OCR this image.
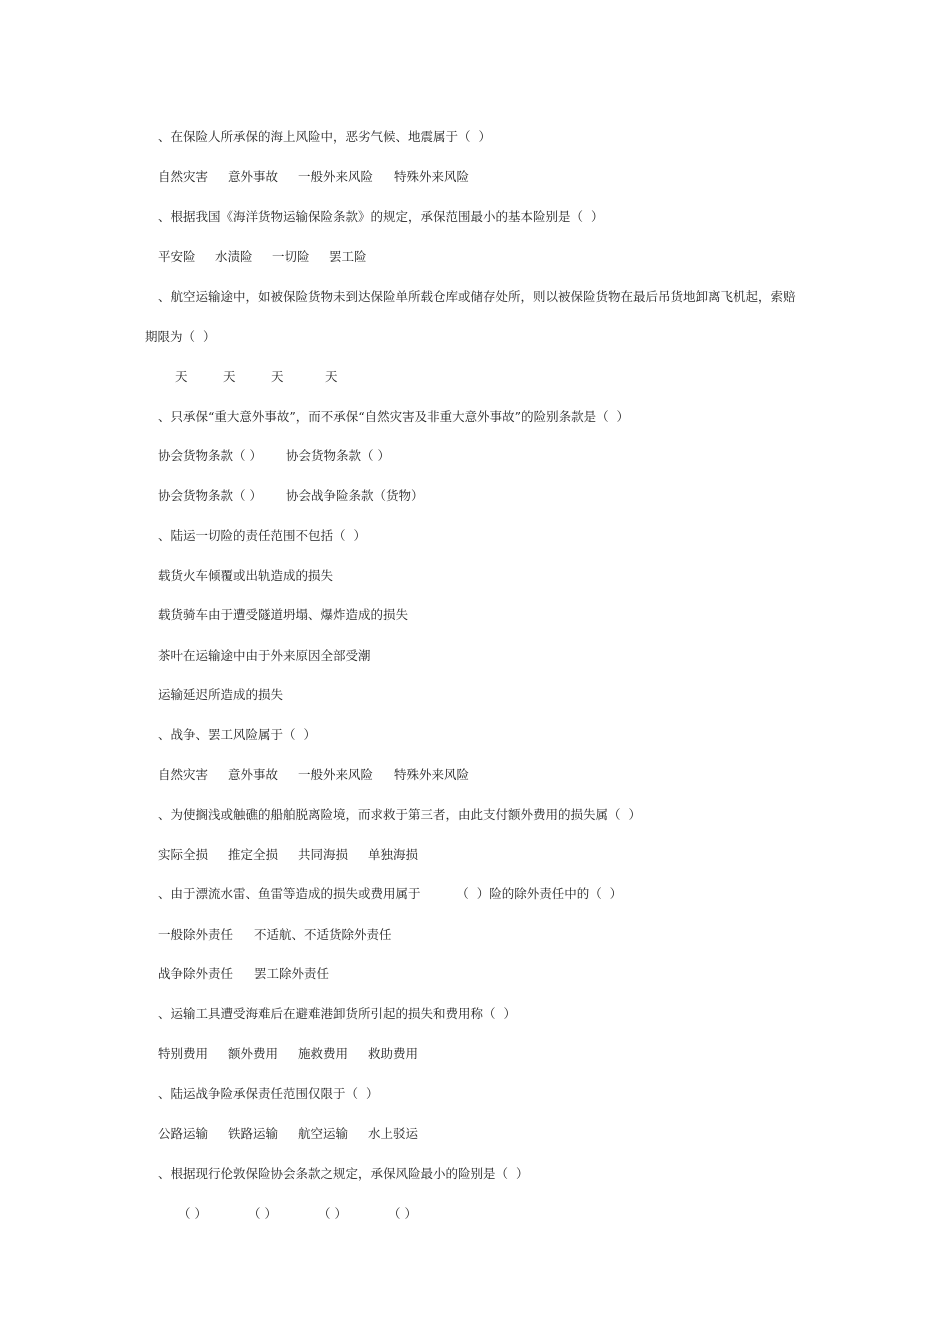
、在保险人所承保的海上风险中，恶劣气候、地震属于（  ）
自然灾害 意外事故 一般外来风险 特殊外来风险
、根据我国《海洋货物运输保险条款》的规定，承保范围最小的基本险别是（  ）
平安险 水渍险 一切险 罢工险
、航空运输途中，如被保险货物未到达保险单所载仓库或储存处所，则以被保险货物在最后吊货地卸离飞机起，索赔
期限为（  ）
天	天	天	天
、只承保“重大意外事故”，而不承保“自然灾害及非重大意外事故”的险别条款是（  ）
协会货物条款（ ） 协会货物条款（ ）
协会货物条款（ ） 协会战争险条款（货物）
、陆运一切险的责任范围不包括（  ）
载货火车倾覆或出轨造成的损失
载货骑车由于遭受隧道坍塌、爆炸造成的损失
茶叶在运输途中由于外来原因全部受潮
运输延迟所造成的损失
、战争、罢工风险属于（  ）
自然灾害 意外事故 一般外来风险 特殊外来风险
、为使搁浅或触礁的船舶脱离险境，而求救于第三者，由此支付额外费用的损失属（  ）
实际全损 推定全损 共同海损 单独海损
、由于漂流水雷、鱼雷等造成的损失或费用属于         （  ）险的除外责任中的（  ）
一般除外责任 不适航、不适货除外责任
战争除外责任 罢工除外责任
、运输工具遭受海难后在避难港卸货所引起的损失和费用称（  ）
特别费用 额外费用 施救费用 救助费用
、陆运战争险承保责任范围仅限于（  ）
公路运输 铁路运输 航空运输 水上驳运
、根据现行伦敦保险协会条款之规定，承保风险最小的险别是（  ）
（ ）	（ ）	（ ）	（ ）
